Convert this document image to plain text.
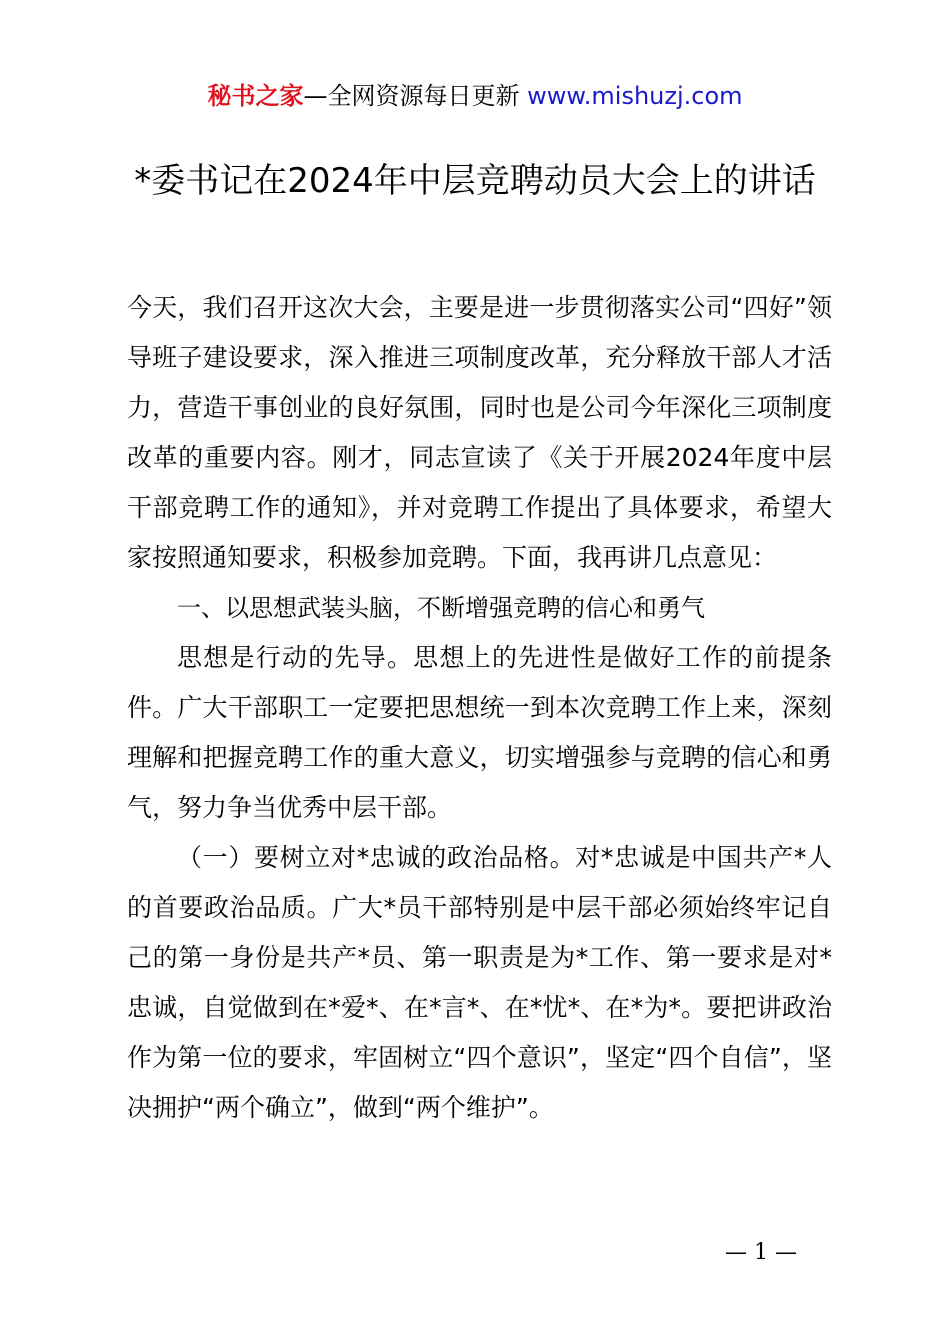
秘书之家—全网资源每日更新 www.mishuzj.com
*委书记在2024年中层竞聘动员大会上的讲话

今天，我们召开这次大会，主要是进一步贯彻落实公司“四好”领导班子建设要求，深入推进三项制度改革，充分释放干部人才活力，营造干事创业的良好氛围，同时也是公司今年深化三项制度改革的重要内容。刚才，同志宣读了《关于开展2024年度中层干部竞聘工作的通知》，并对竞聘工作提出了具体要求，希望大家按照通知要求，积极参加竞聘。下面，我再讲几点意见：

一、以思想武装头脑，不断增强竞聘的信心和勇气

思想是行动的先导。思想上的先进性是做好工作的前提条件。广大干部职工一定要把思想统一到本次竞聘工作上来，深刻理解和把握竞聘工作的重大意义，切实增强参与竞聘的信心和勇气，努力争当优秀中层干部。

（一）要树立对*忠诚的政治品格。对*忠诚是中国共产*人的首要政治品质。广大*员干部特别是中层干部必须始终牢记自己的第一身份是共产*员、第一职责是为*工作、第一要求是对*忠诚，自觉做到在*爱*、在*言*、在*忧*、在*为*。要把讲政治作为第一位的要求，牢固树立“四个意识”，坚定“四个自信”，坚决拥护“两个确立”，做到“两个维护”。

— 1 —
